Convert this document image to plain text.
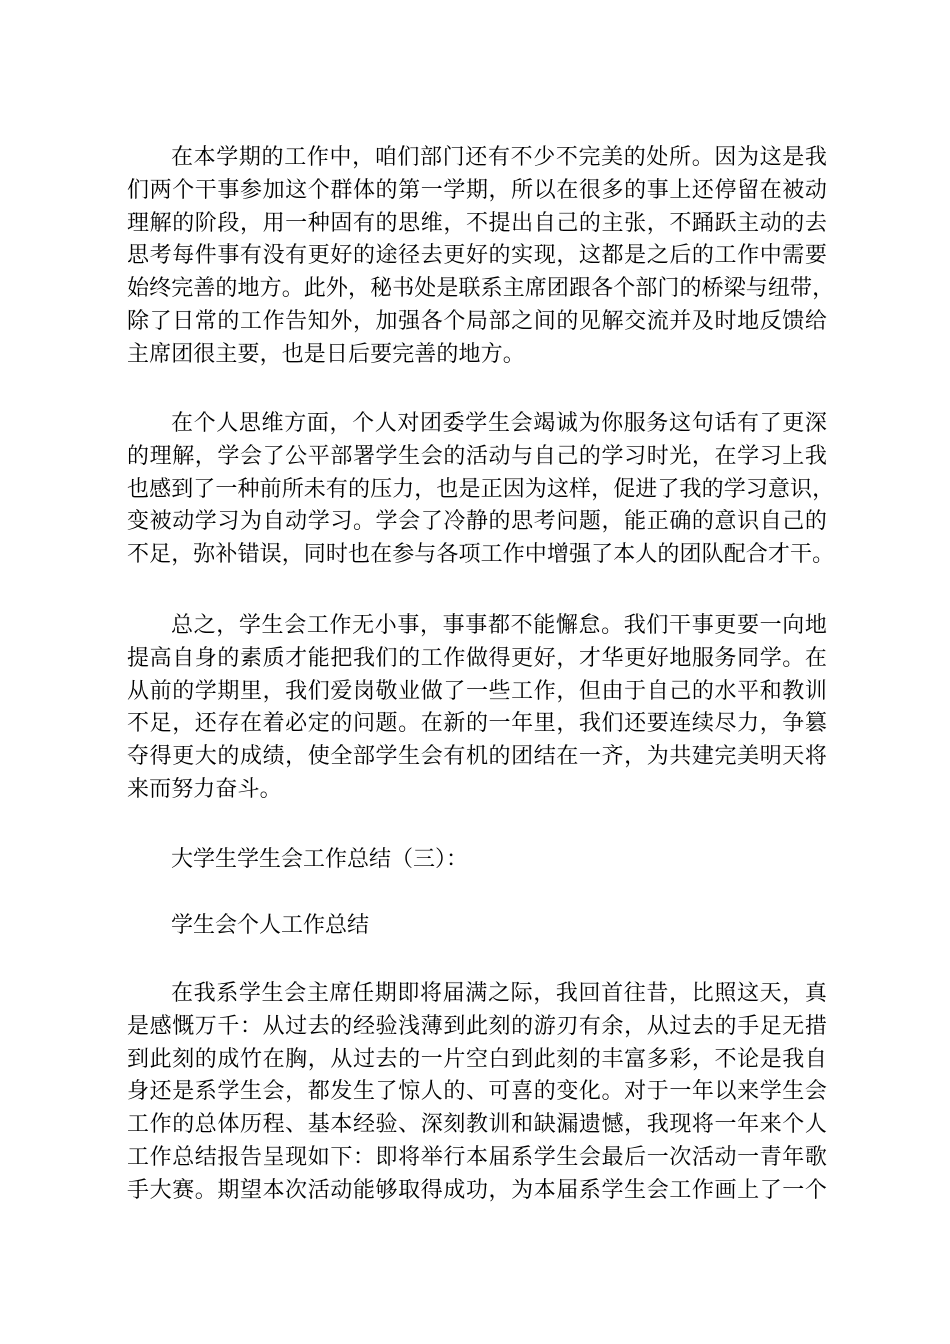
在本学期的工作中，咱们部门还有不少不完美的处所。因为这是我
们两个干事参加这个群体的第一学期，所以在很多的事上还停留在被动
理解的阶段，用一种固有的思维，不提出自己的主张，不踊跃主动的去
思考每件事有没有更好的途径去更好的实现，这都是之后的工作中需要
始终完善的地方。此外，秘书处是联系主席团跟各个部门的桥梁与纽带，
除了日常的工作告知外，加强各个局部之间的见解交流并及时地反馈给
主席团很主要，也是日后要完善的地方。
在个人思维方面，个人对团委学生会竭诚为你服务这句话有了更深
的理解，学会了公平部署学生会的活动与自己的学习时光，在学习上我
也感到了一种前所未有的压力，也是正因为这样，促进了我的学习意识，
变被动学习为自动学习。学会了冷静的思考问题，能正确的意识自己的
不足，弥补错误，同时也在参与各项工作中增强了本人的团队配合才干。
总之，学生会工作无小事，事事都不能懈怠。我们干事更要一向地
提高自身的素质才能把我们的工作做得更好，才华更好地服务同学。在
从前的学期里，我们爱岗敬业做了一些工作，但由于自己的水平和教训
不足，还存在着必定的问题。在新的一年里，我们还要连续尽力，争篡
夺得更大的成绩，使全部学生会有机的团结在一齐，为共建完美明天将
来而努力奋斗。
大学生学生会工作总结（三）：
学生会个人工作总结
在我系学生会主席任期即将届满之际，我回首往昔，比照这天，真
是感慨万千：从过去的经验浅薄到此刻的游刃有余，从过去的手足无措
到此刻的成竹在胸，从过去的一片空白到此刻的丰富多彩，不论是我自
身还是系学生会，都发生了惊人的、可喜的变化。对于一年以来学生会
工作的总体历程、基本经验、深刻教训和缺漏遗憾，我现将一年来个人
工作总结报告呈现如下：即将举行本届系学生会最后一次活动一青年歌
手大赛。期望本次活动能够取得成功，为本届系学生会工作画上了一个
